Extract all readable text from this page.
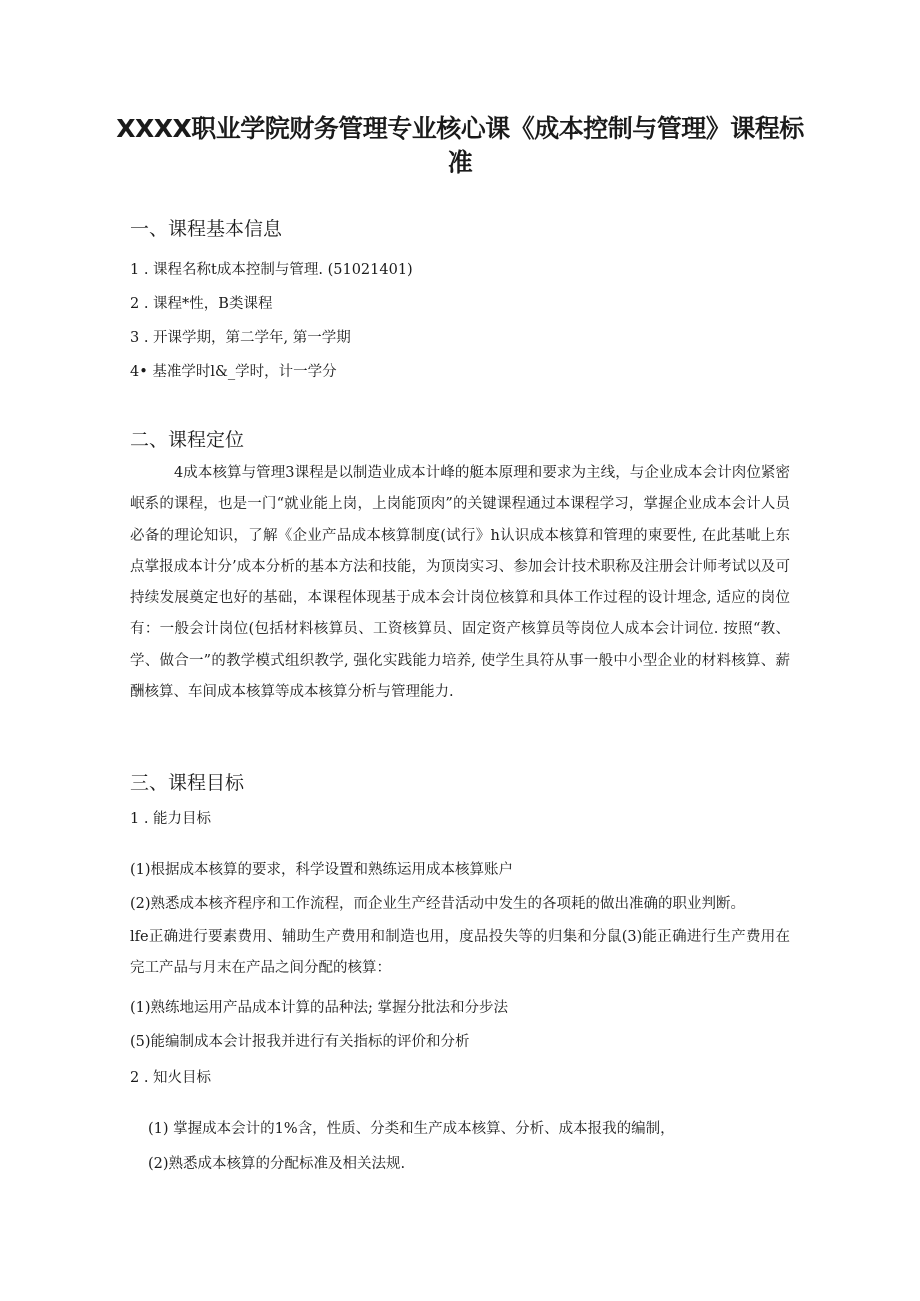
XXXX职业学院财务管理专业核心课《成本控制与管理》课程标准
一、课程基本信息
1 . 课程名称t成本控制与管理. (51021401)
2 . 课程*性，B类课程
3 . 开课学期，第二学年, 第一学期
4• 基准学时l&_学时，计一学分
二、课程定位
4成本核算与管理3课程是以制造业成本计峰的艇本原理和要求为主线，与企业成本会计肉位紧密岷系的课程，也是一门“就业能上岗，上岗能顶肉”的关键课程通过本课程学习，掌握企业成本会计人员必备的理论知识，了解《企业产品成本核算制度(试行》h认识成本核算和管理的柬要性, 在此基呲上东点掌报成本计分’成本分析的基本方法和技能，为顶岗实习、参加会计技术职称及注册会计师考试以及可持续发展奠定也好的基础，本课程体现基于成本会计岗位核算和具体工作过程的设计埋念, 适应的岗位有：一般会计岗位(包括材料核算员、工资核算员、固定资产核算员等岗位人成本会计词位. 按照“教、学、做合一”的教学模式组织教学, 强化实践能力培养, 使学生具符从事一般中小型企业的材料核算、薪酬核算、车间成本核算等成本核算分析与管理能力.
三、课程目标
1 . 能力目标
(1)根据成本核算的要求，科学设置和熟练运用成本核算账户
(2)熟悉成本核齐程序和工作流程，而企业生产经昔活动中发生的各项耗的做出准确的职业判断。
lfe正确进行要素费用、辅助生产费用和制造也用，度品投失等的归集和分鼠(3)能正确进行生产费用在完工产品与月末在产品之间分配的核算：
(1)熟练地运用产品成本计算的品种法; 掌握分批法和分步法
(5)能编制成本会计报我并进行有关指标的评价和分析
2 . 知火目标
(1) 掌握成本会计的1%含，性质、分类和生产成本核算、分析、成本报我的编制，
(2)熟悉成本核算的分配标准及相关法规.
